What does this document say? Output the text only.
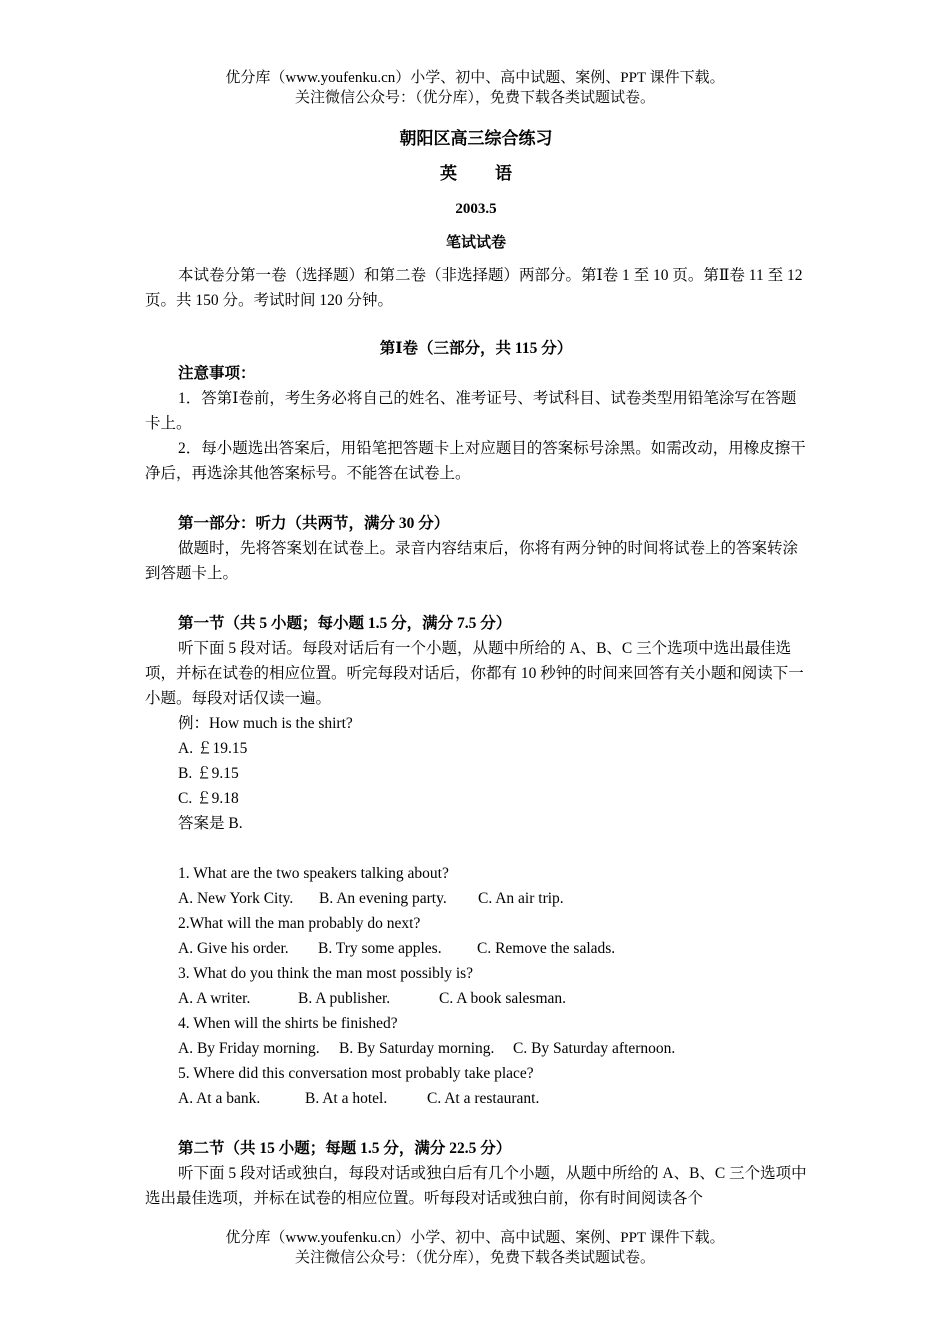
优分库（www.youfenku.cn）小学、初中、高中试题、案例、PPT 课件下载。
关注微信公众号：（优分库），免费下载各类试题试卷。
朝阳区高三综合练习
英 语
2003.5
笔试试卷

本试卷分第一卷（选择题）和第二卷（非选择题）两部分。第Ⅰ卷 1 至 10 页。第Ⅱ卷 11 至 12 页。共 150 分。考试时间 120 分钟。

第Ⅰ卷（三部分，共 115 分）

注意事项：

1．答第Ⅰ卷前，考生务必将自己的姓名、准考证号、考试科目、试卷类型用铅笔涂写在答题卡上。

2．每小题选出答案后，用铅笔把答题卡上对应题目的答案标号涂黑。如需改动，用橡皮擦干净后，再选涂其他答案标号。不能答在试卷上。

第一部分：听力（共两节，满分 30 分）

做题时，先将答案划在试卷上。录音内容结束后，你将有两分钟的时间将试卷上的答案转涂到答题卡上。

第一节（共 5 小题；每小题 1.5 分，满分 7.5 分）

听下面 5 段对话。每段对话后有一个小题，从题中所给的 A、B、C 三个选项中选出最佳选项，并标在试卷的相应位置。听完每段对话后，你都有 10 秒钟的时间来回答有关小题和阅读下一小题。每段对话仅读一遍。

例：How much is the shirt?

A. ￡19.15

B. ￡9.15

C. ￡9.18

答案是 B.

1. What are the two speakers talking about?

A. New York City. B. An evening party. C. An air trip.

2.What will the man probably do next?

A. Give his order. B. Try some apples. C. Remove the salads.

3. What do you think the man most possibly is?

A. A writer.	B. A publisher.	C. A book salesman.

4. When will the shirts be finished?

A. By Friday morning. B. By Saturday morning. C. By Saturday afternoon.

5. Where did this conversation most probably take place?

A. At a bank.	B. At a hotel.	C. At a restaurant.

第二节（共 15 小题；每题 1.5 分，满分 22.5 分）

听下面 5 段对话或独白，每段对话或独白后有几个小题，从题中所给的 A、B、C 三个选项中选出最佳选项，并标在试卷的相应位置。听每段对话或独白前，你有时间阅读各个

优分库（www.youfenku.cn）小学、初中、高中试题、案例、PPT 课件下载。
关注微信公众号：（优分库），免费下载各类试题试卷。
